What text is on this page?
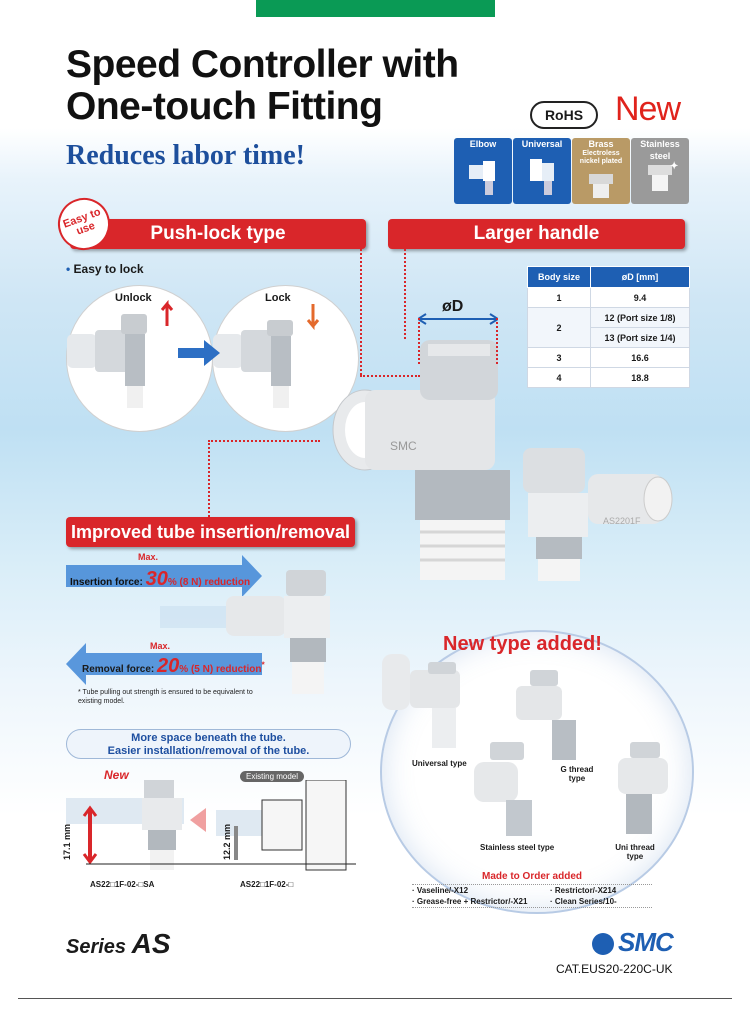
Speed Controller with
One-touch Fitting	RoHS New
Reduces labor time!	Elbow	Universal	Brass
Electroless nickel plated
Stainless steel
✦
Push-lock type	Larger handle
Easy to use
• Easy to lock
Unlock	Lock
SMC
AS2201F
øD
Body size	øD [mm]
1	9.4
2	12 (Port size 1/8)
	13 (Port size 1/4)
3	16.6
4	18.8
Improved tube insertion/removal
Max.
Insertion force: 30% (8 N) reduction
Max.
Removal force: 20% (5 N) reduction*
* Tube pulling out strength is ensured to be equivalent to existing model.
More space beneath the tube.
Easier installation/removal of the tube.
New	Existing model
17.1 mm	12.2 mm
AS22□1F-02-□SA	AS22□1F-02-□
New type added!
Universal type
G thread type
Stainless steel type	Uni thread type
Made to Order added
· Vaseline/-X12	· Restrictor/-X214
· Grease-free + Restrictor/-X21	· Clean Series/10-
Series AS	SMC
CAT.EUS20-220C-UK
